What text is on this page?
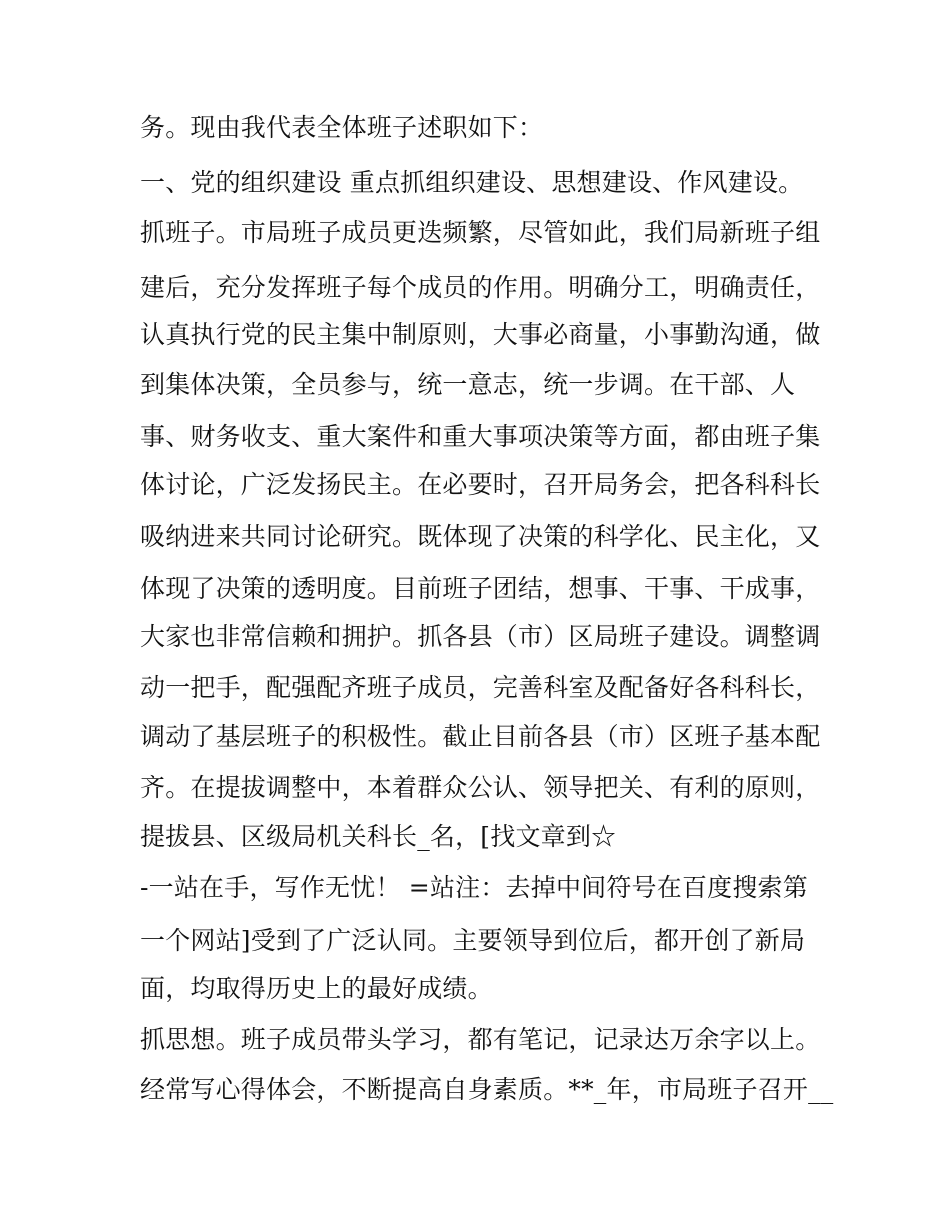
务。现由我代表全体班子述职如下：
一、党的组织建设 重点抓组织建设、思想建设、作风建设。
抓班子。市局班子成员更迭频繁，尽管如此，我们局新班子组
建后，充分发挥班子每个成员的作用。明确分工，明确责任，
认真执行党的民主集中制原则，大事必商量，小事勤沟通，做
到集体决策，全员参与，统一意志，统一步调。在干部、人
事、财务收支、重大案件和重大事项决策等方面，都由班子集
体讨论，广泛发扬民主。在必要时，召开局务会，把各科科长
吸纳进来共同讨论研究。既体现了决策的科学化、民主化，又
体现了决策的透明度。目前班子团结，想事、干事、干成事，
大家也非常信赖和拥护。抓各县（市）区局班子建设。调整调
动一把手，配强配齐班子成员，完善科室及配备好各科科长，
调动了基层班子的积极性。截止目前各县（市）区班子基本配
齐。在提拔调整中，本着群众公认、领导把关、有利的原则，
提拔县、区级局机关科长_名，[找文章到☆
-一站在手，写作无忧！ =站注：去掉中间符号在百度搜索第
一个网站]受到了广泛认同。主要领导到位后，都开创了新局
面，均取得历史上的最好成绩。
抓思想。班子成员带头学习，都有笔记，记录达万余字以上。
经常写心得体会，不断提高自身素质。**_年，市局班子召开__
